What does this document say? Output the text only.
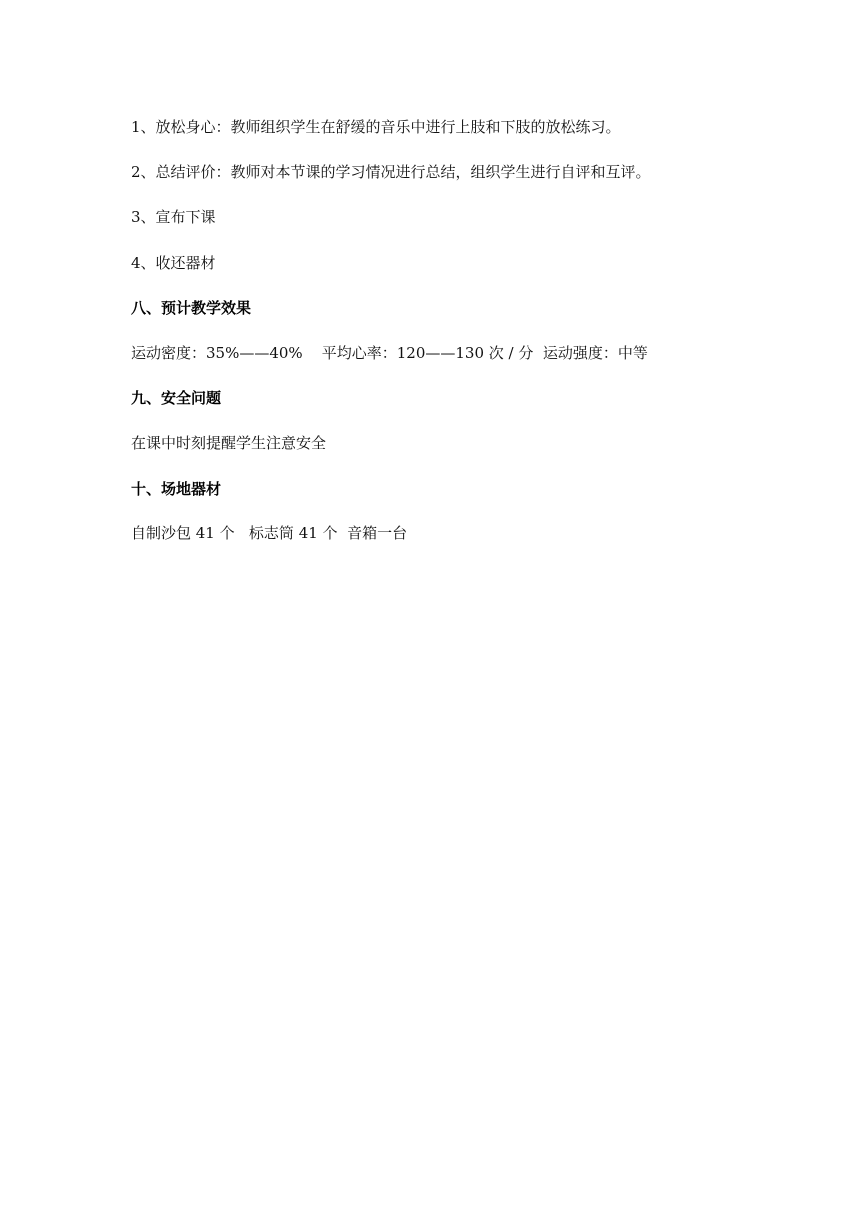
1、放松身心：教师组织学生在舒缓的音乐中进行上肢和下肢的放松练习。
2、总结评价：教师对本节课的学习情况进行总结，组织学生进行自评和互评。
3、宣布下课
4、收还器材
八、预计教学效果
运动密度：35%——40%    平均心率：120——130 次 / 分  运动强度：中等
九、安全问题
在课中时刻提醒学生注意安全
十、场地器材
自制沙包 41 个   标志筒 41 个  音箱一台
